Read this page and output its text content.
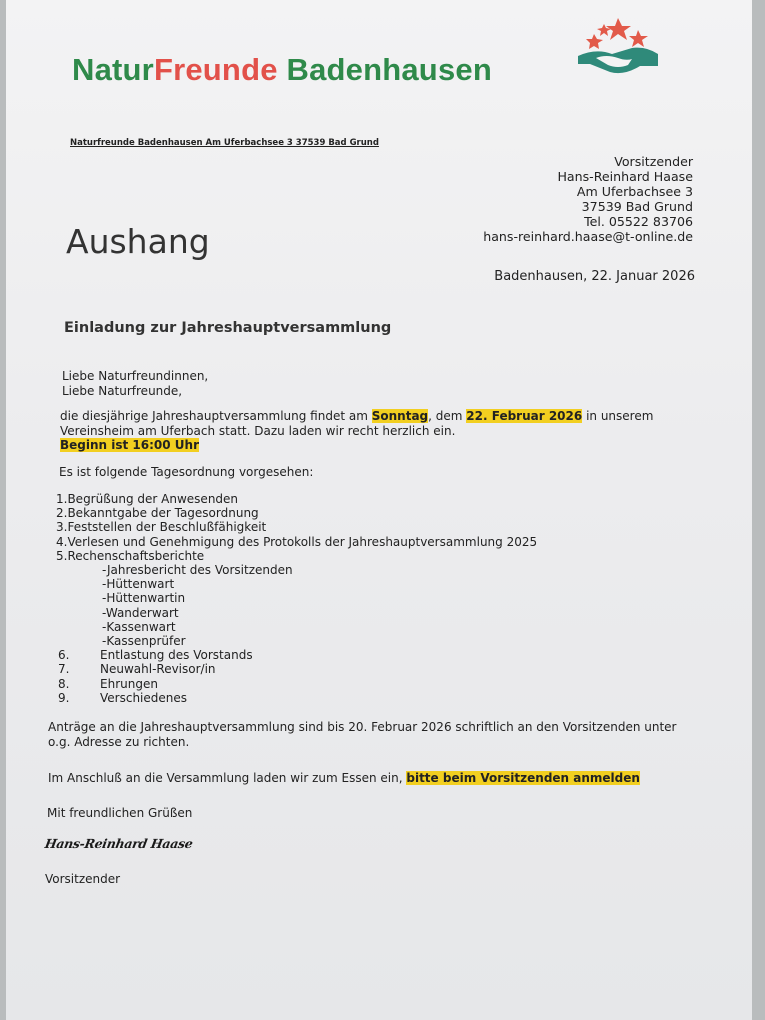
NaturFreunde Badenhausen
Naturfreunde Badenhausen Am Uferbachsee 3 37539 Bad Grund
Vorsitzender
Hans-Reinhard Haase
Am Uferbachsee 3
37539 Bad Grund
Tel. 05522 83706
hans-reinhard.haase@t-online.de
Aushang
Badenhausen, 22. Januar 2026
Einladung zur Jahreshauptversammlung
Liebe Naturfreundinnen,
Liebe Naturfreunde,
die diesjährige Jahreshauptversammlung findet am Sonntag, dem 22. Februar 2026 in unserem
Vereinsheim am Uferbach statt. Dazu laden wir recht herzlich ein.
Beginn ist 16:00 Uhr
Es ist folgende Tagesordnung vorgesehen:
1.Begrüßung der Anwesenden
2.Bekanntgabe der Tagesordnung
3.Feststellen der Beschlußfähigkeit
4.Verlesen und Genehmigung des Protokolls der Jahreshauptversammlung 2025
5.Rechenschaftsberichte
-Jahresbericht des Vorsitzenden
-Hüttenwart
-Hüttenwartin
-Wanderwart
-Kassenwart
-Kassenprüfer
6.	Entlastung des Vorstands
7.	Neuwahl-Revisor/in
8.	Ehrungen
9.	Verschiedenes
Anträge an die Jahreshauptversammlung sind bis 20. Februar 2026 schriftlich an den Vorsitzenden unter
o.g. Adresse zu richten.
Im Anschluß an die Versammlung laden wir zum Essen ein, bitte beim Vorsitzenden anmelden
Mit freundlichen Grüßen
Hans-Reinhard Haase
Vorsitzender
